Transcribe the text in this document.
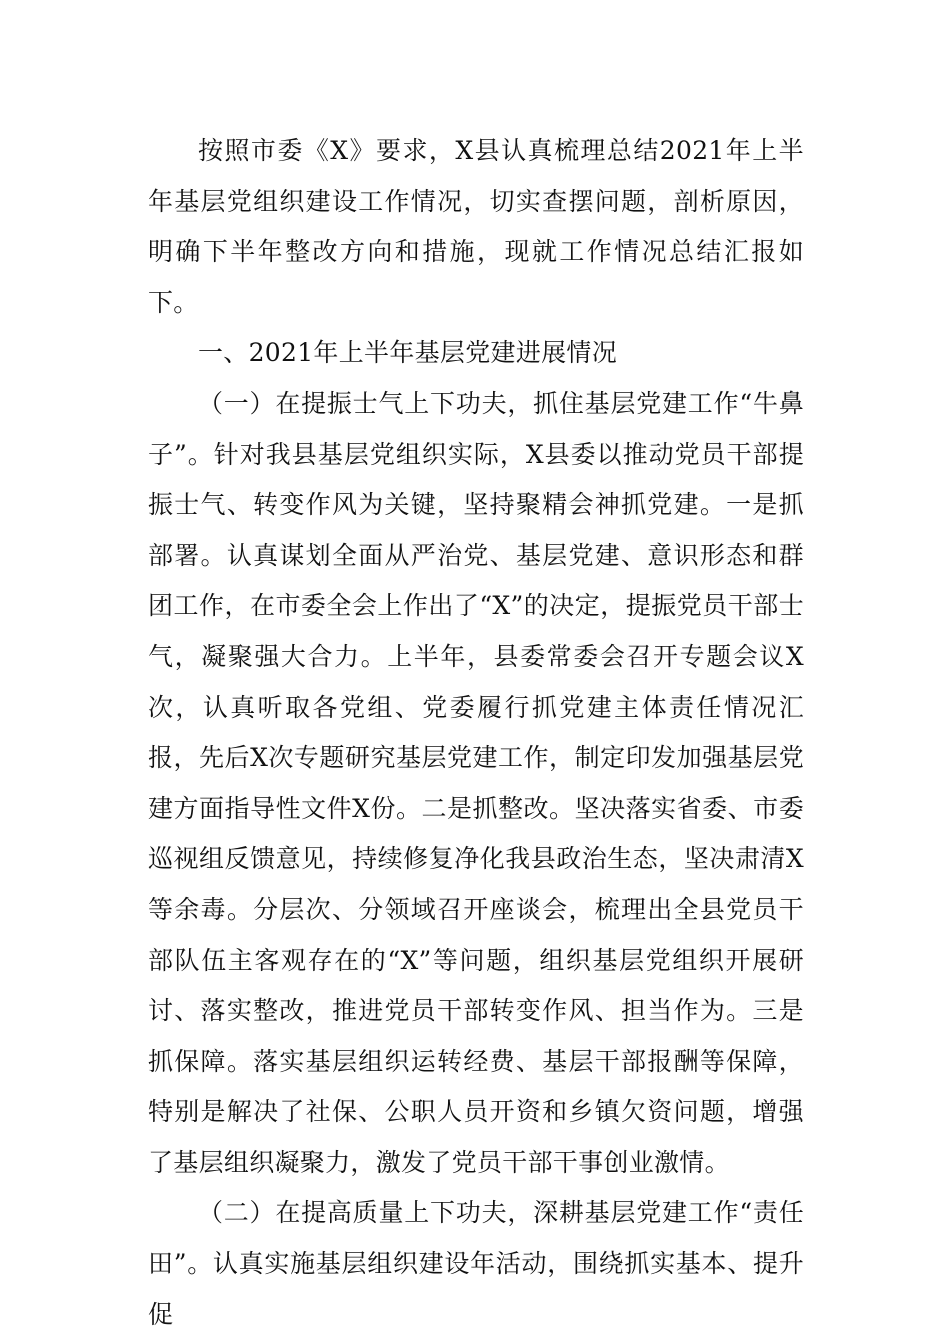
按照市委《X》要求，X县认真梳理总结2021年上半年基层党组织建设工作情况，切实查摆问题，剖析原因，明确下半年整改方向和措施，现就工作情况总结汇报如下。

一、2021年上半年基层党建进展情况

（一）在提振士气上下功夫，抓住基层党建工作“牛鼻子”。针对我县基层党组织实际，X县委以推动党员干部提振士气、转变作风为关键，坚持聚精会神抓党建。一是抓部署。认真谋划全面从严治党、基层党建、意识形态和群团工作，在市委全会上作出了“X”的决定，提振党员干部士气，凝聚强大合力。上半年，县委常委会召开专题会议X次，认真听取各党组、党委履行抓党建主体责任情况汇报，先后X次专题研究基层党建工作，制定印发加强基层党建方面指导性文件X份。二是抓整改。坚决落实省委、市委巡视组反馈意见，持续修复净化我县政治生态，坚决肃清X等余毒。分层次、分领域召开座谈会，梳理出全县党员干部队伍主客观存在的“X”等问题，组织基层党组织开展研讨、落实整改，推进党员干部转变作风、担当作为。三是抓保障。落实基层组织运转经费、基层干部报酬等保障，特别是解决了社保、公职人员开资和乡镇欠资问题，增强了基层组织凝聚力，激发了党员干部干事创业激情。

（二）在提高质量上下功夫，深耕基层党建工作“责任田”。认真实施基层组织建设年活动，围绕抓实基本、提升促
